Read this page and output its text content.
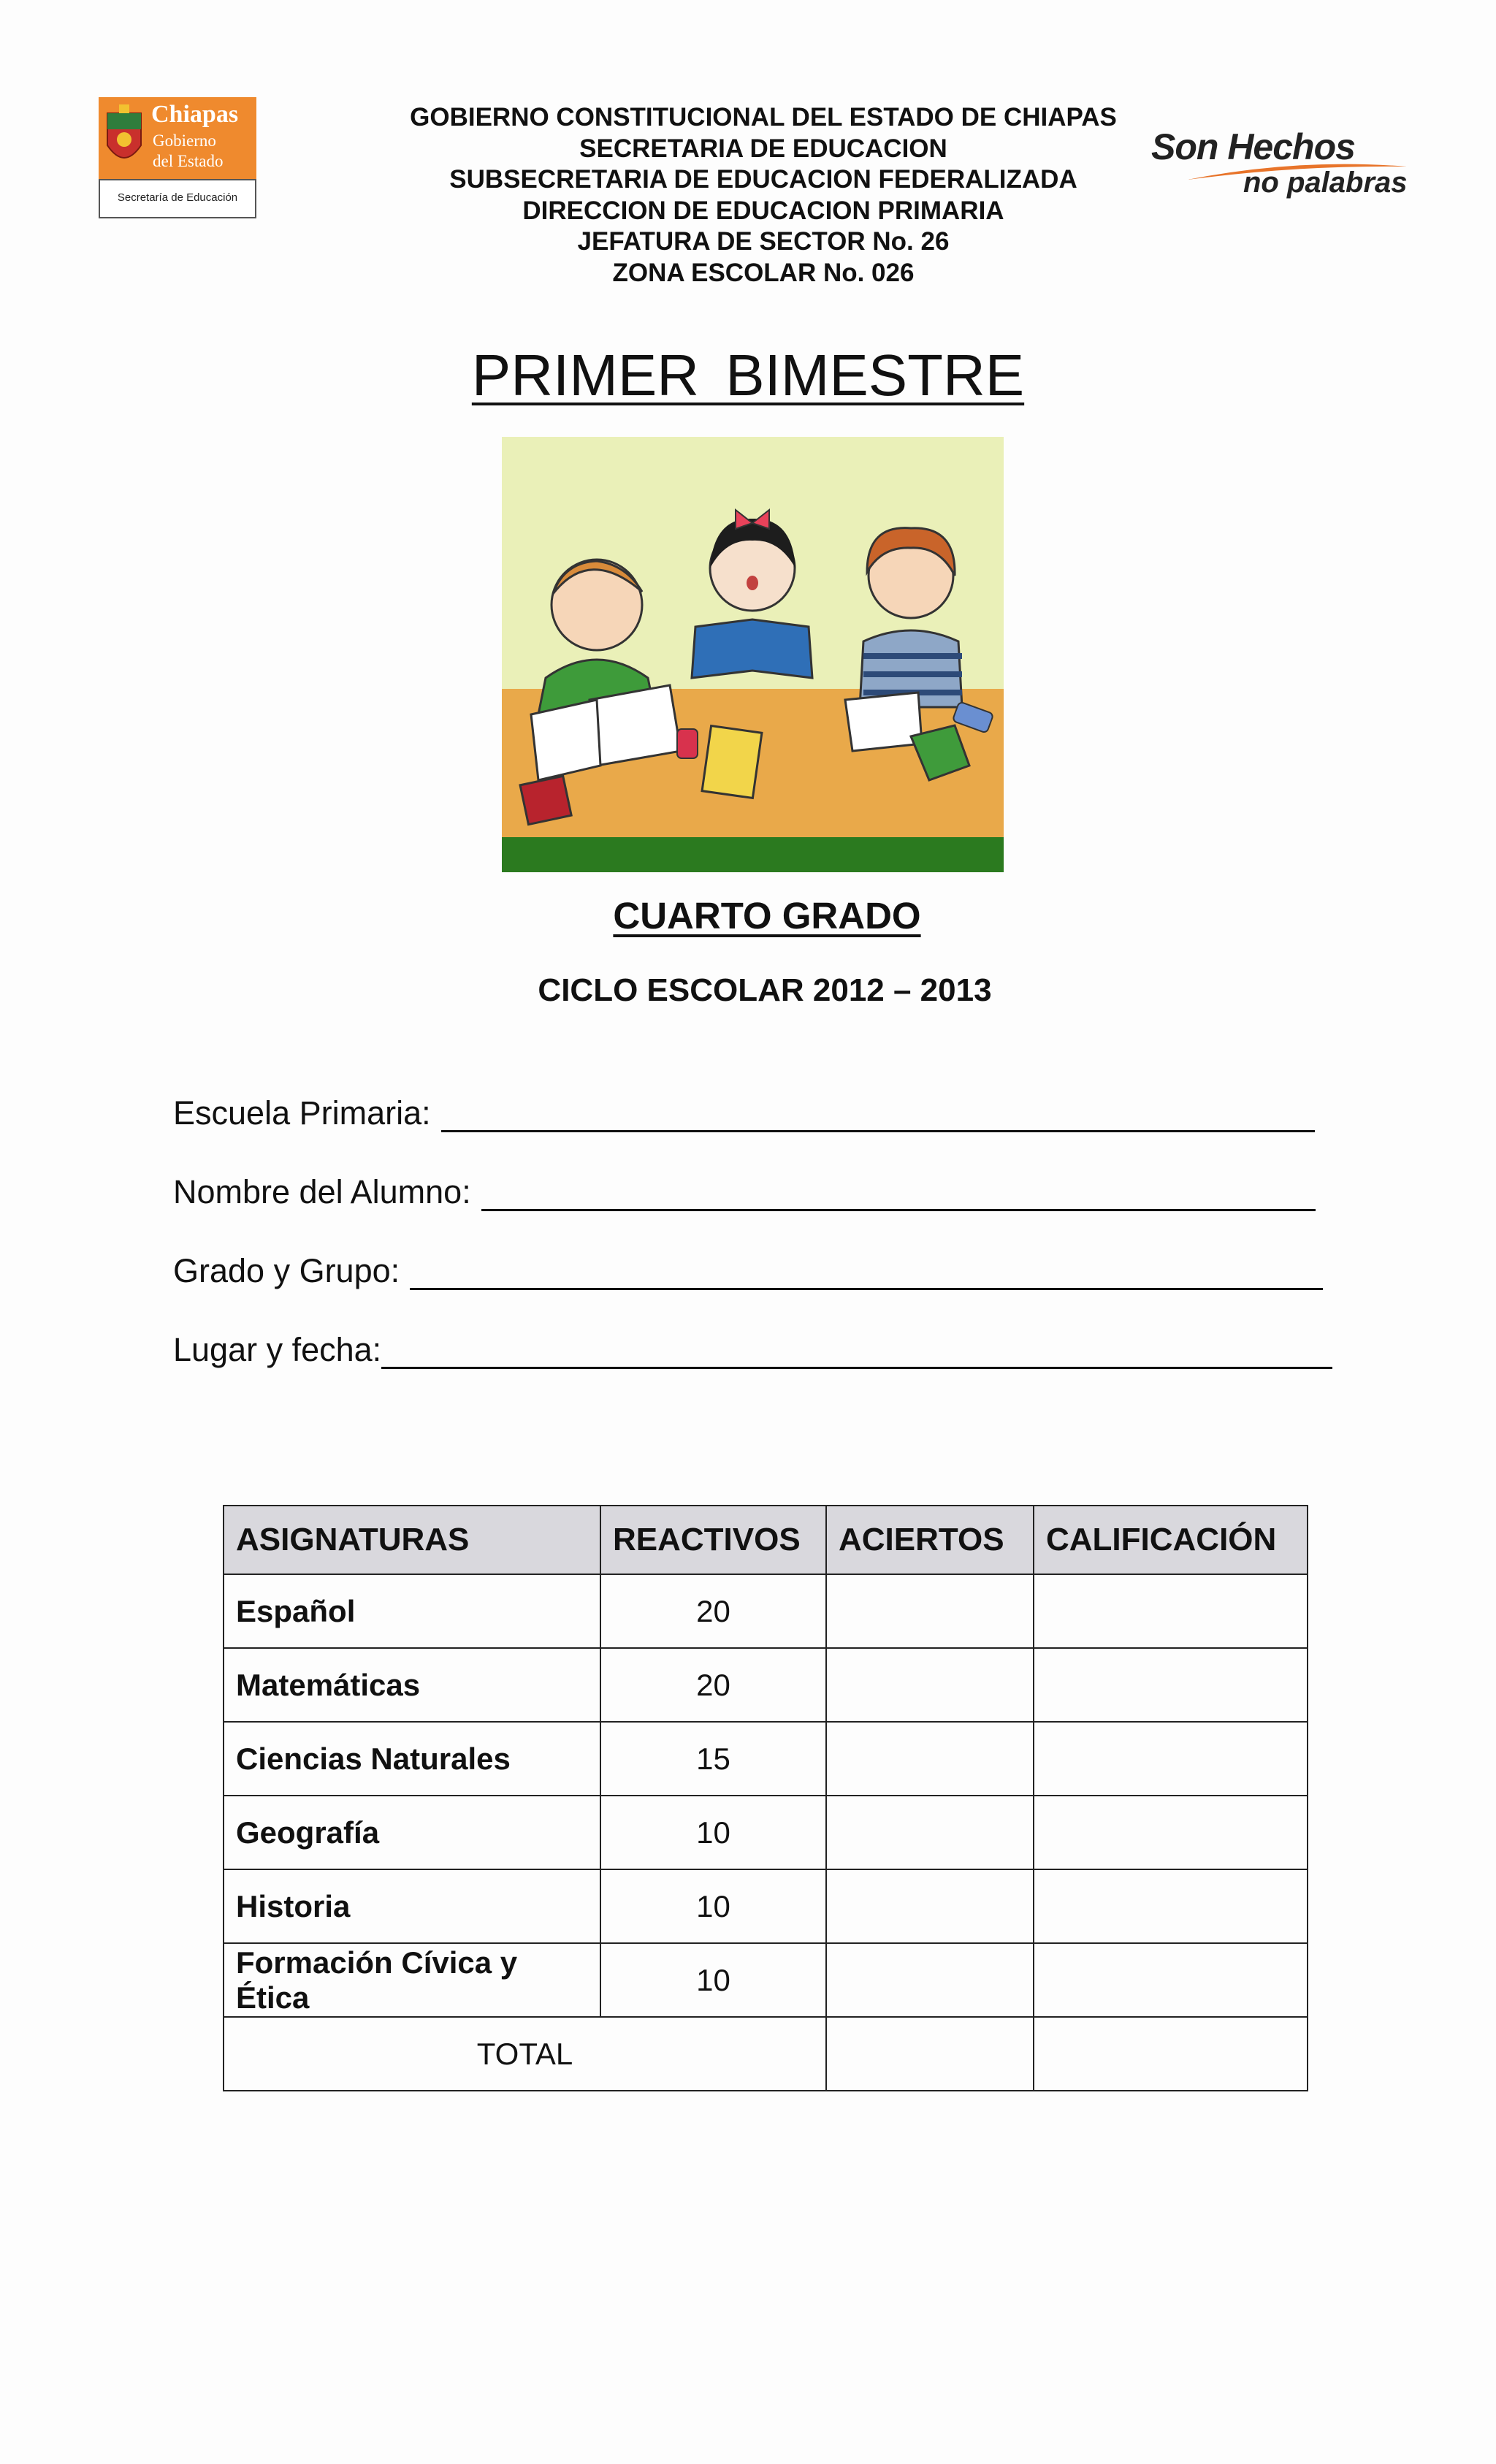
Chiapas
Gobierno
del Estado
Secretaría de Educación
GOBIERNO CONSTITUCIONAL DEL ESTADO DE CHIAPAS
SECRETARIA DE EDUCACION
SUBSECRETARIA DE EDUCACION FEDERALIZADA
DIRECCION DE EDUCACION PRIMARIA
JEFATURA DE SECTOR No. 26
ZONA ESCOLAR No. 026
Son Hechos
no palabras
PRIMER BIMESTRE
CUARTO GRADO
CICLO ESCOLAR 2012 – 2013
Escuela Primaria:
Nombre del Alumno:
Grado y Grupo:
Lugar y fecha:
ASIGNATURAS	REACTIVOS	ACIERTOS	CALIFICACIÓN
Español	20		
Matemáticas	20		
Ciencias Naturales	15		
Geografía	10		
Historia	10		
Formación Cívica y Ética	10		
TOTAL			
